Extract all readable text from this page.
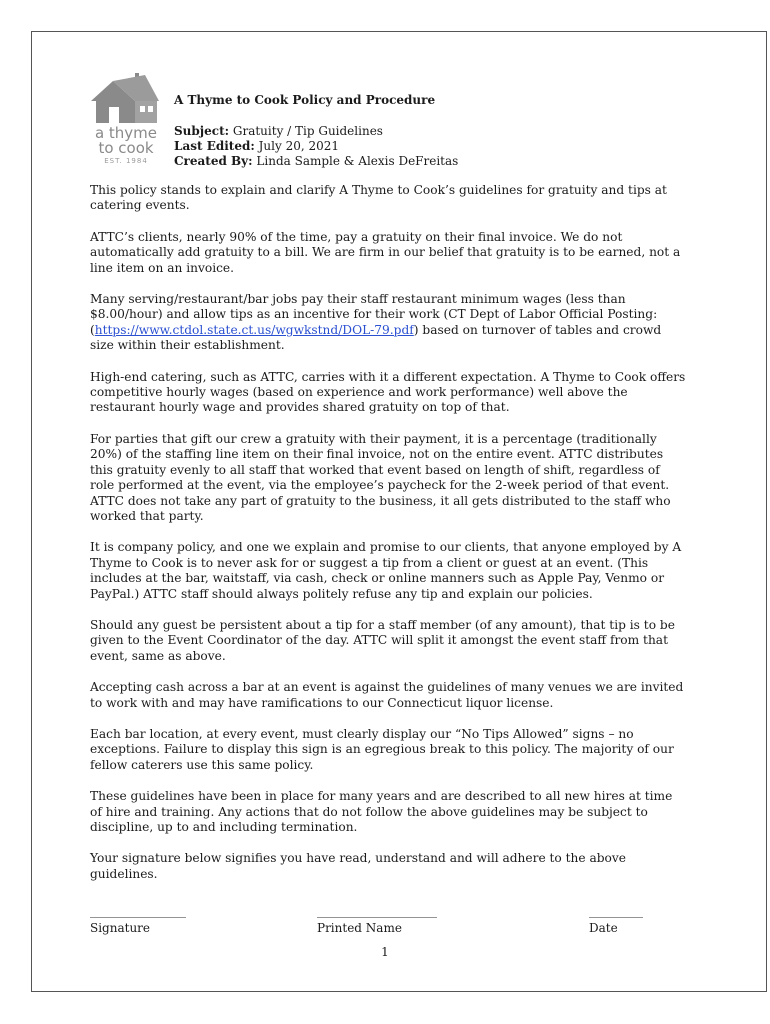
a thyme
to cook
EST. 1984
A Thyme to Cook Policy and Procedure
Subject: Gratuity / Tip Guidelines
Last Edited: July 20, 2021
Created By: Linda Sample & Alexis DeFreitas

This policy stands to explain and clarify A Thyme to Cook’s guidelines for gratuity and tips at catering events.

ATTC’s clients, nearly 90% of the time, pay a gratuity on their final invoice. We do not automatically add gratuity to a bill. We are firm in our belief that gratuity is to be earned, not a line item on an invoice.

Many serving/restaurant/bar jobs pay their staff restaurant minimum wages (less than $8.00/hour) and allow tips as an incentive for their work (CT Dept of Labor Official Posting: (https://www.ctdol.state.ct.us/wgwkstnd/DOL-79.pdf) based on turnover of tables and crowd size within their establishment.

High-end catering, such as ATTC, carries with it a different expectation. A Thyme to Cook offers competitive hourly wages (based on experience and work performance) well above the restaurant hourly wage and provides shared gratuity on top of that.

For parties that gift our crew a gratuity with their payment, it is a percentage (traditionally 20%) of the staffing line item on their final invoice, not on the entire event. ATTC distributes this gratuity evenly to all staff that worked that event based on length of shift, regardless of role performed at the event, via the employee’s paycheck for the 2-week period of that event. ATTC does not take any part of gratuity to the business, it all gets distributed to the staff who worked that party.

It is company policy, and one we explain and promise to our clients, that anyone employed by A Thyme to Cook is to never ask for or suggest a tip from a client or guest at an event. (This includes at the bar, waitstaff, via cash, check or online manners such as Apple Pay, Venmo or PayPal.) ATTC staff should always politely refuse any tip and explain our policies.

Should any guest be persistent about a tip for a staff member (of any amount), that tip is to be given to the Event Coordinator of the day. ATTC will split it amongst the event staff from that event, same as above.

Accepting cash across a bar at an event is against the guidelines of many venues we are invited to work with and may have ramifications to our Connecticut liquor license.

Each bar location, at every event, must clearly display our “No Tips Allowed” signs – no exceptions. Failure to display this sign is an egregious break to this policy. The majority of our fellow caterers use this same policy.

These guidelines have been in place for many years and are described to all new hires at time of hire and training. Any actions that do not follow the above guidelines may be subject to discipline, up to and including termination.

Your signature below signifies you have read, understand and will adhere to the above guidelines.

________________
Signature
____________________
Printed Name
_________
Date
1
